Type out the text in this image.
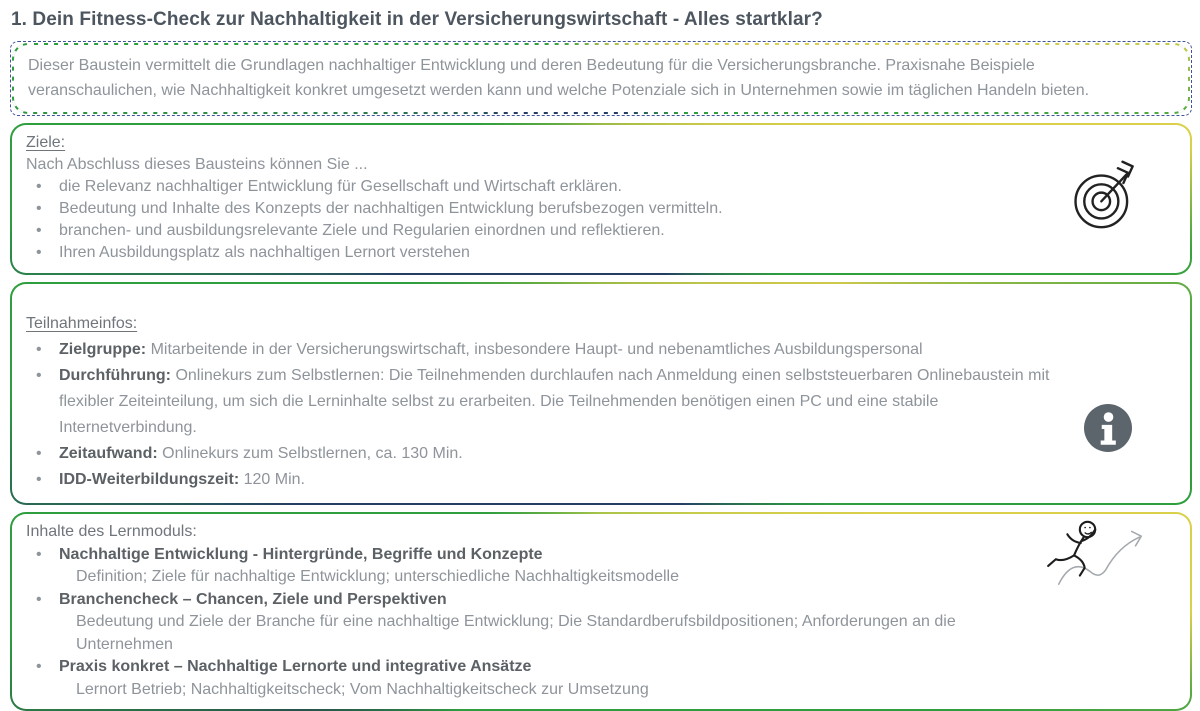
1. Dein Fitness-Check zur Nachhaltigkeit in der Versicherungswirtschaft - Alles startklar?

Dieser Baustein vermittelt die Grundlagen nachhaltiger Entwicklung und deren Bedeutung für die Versicherungsbranche. Praxisnahe Beispiele veranschaulichen, wie Nachhaltigkeit konkret umgesetzt werden kann und welche Potenziale sich in Unternehmen sowie im täglichen Handeln bieten.

Ziele:
Nach Abschluss dieses Bausteins können Sie ...
•	die Relevanz nachhaltiger Entwicklung für Gesellschaft und Wirtschaft erklären.
•	Bedeutung und Inhalte des Konzepts der nachhaltigen Entwicklung berufsbezogen vermitteln.
•	branchen- und ausbildungsrelevante Ziele und Regularien einordnen und reflektieren.
•	Ihren Ausbildungsplatz als nachhaltigen Lernort verstehen
Teilnahmeinfos:
•	Zielgruppe: Mitarbeitende in der Versicherungswirtschaft, insbesondere Haupt- und nebenamtliches Ausbildungspersonal
•	Durchführung: Onlinekurs zum Selbstlernen: Die Teilnehmenden durchlaufen nach Anmeldung einen selbststeuerbaren Onlinebaustein mit flexibler Zeiteinteilung, um sich die Lerninhalte selbst zu erarbeiten. Die Teilnehmenden benötigen einen PC und eine stabile Internetverbindung.
•	Zeitaufwand: Onlinekurs zum Selbstlernen, ca. 130 Min.
•	IDD-Weiterbildungszeit: 120 Min.
Inhalte des Lernmoduls:
•	Nachhaltige Entwicklung - Hintergründe, Begriffe und Konzepte
Definition; Ziele für nachhaltige Entwicklung; unterschiedliche Nachhaltigkeitsmodelle
•	Branchencheck – Chancen, Ziele und Perspektiven
Bedeutung und Ziele der Branche für eine nachhaltige Entwicklung; Die Standardberufsbildpositionen; Anforderungen an die Unternehmen
•	Praxis konkret – Nachhaltige Lernorte und integrative Ansätze
Lernort Betrieb; Nachhaltigkeitscheck; Vom Nachhaltigkeitscheck zur Umsetzung
